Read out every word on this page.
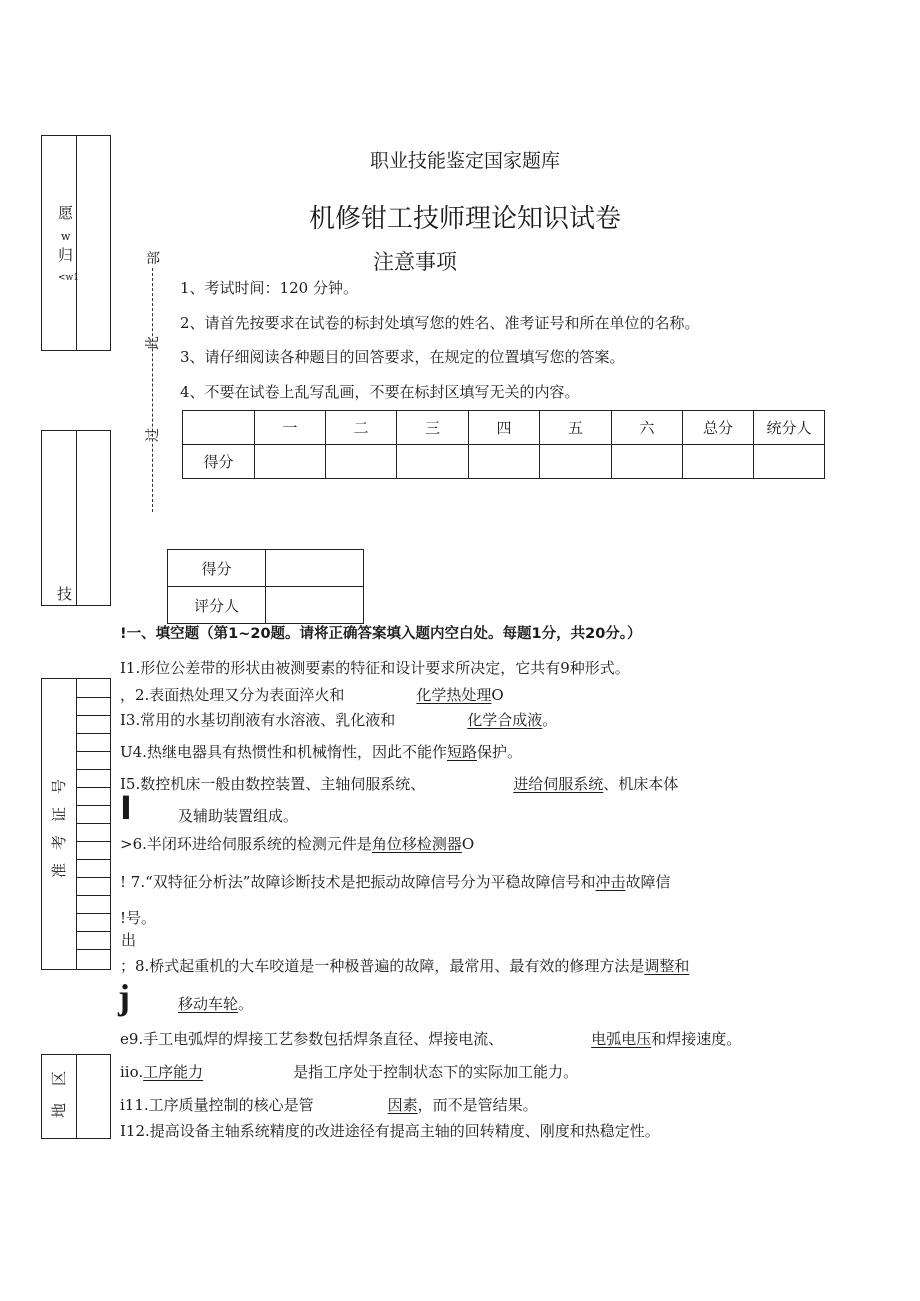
愿
w
归
<w1
技
号
证
考
准
区
地
部
此
过
职业技能鉴定国家题库
机修钳工技师理论知识试卷
注意事项
1、考试时间：120 分钟。
2、请首先按要求在试卷的标封处填写您的姓名、准考证号和所在单位的名称。
3、请仔细阅读各种题目的回答要求，在规定的位置填写您的答案。
4、不要在试卷上乱写乱画，不要在标封区填写无关的内容。
	一	二	三	四	五	六	总分	统分人
得分								
得分	
评分人	
!一、填空题（第1~20题。请将正确答案填入题内空白处。每题1分，共20分。）
I1.形位公差带的形状由被测要素的特征和设计要求所决定，它共有9种形式。
，2.表面热处理又分为表面淬火和	化学热处理O
I3.常用的水基切削液有水溶液、乳化液和	化学合成液。
U4.热继电器具有热惯性和机械惰性，因此不能作短路保护。
I5.数控机床一般由数控装置、主轴伺服系统、	进给伺服系统、机床本体
I	及辅助装置组成。
>6.半闭环进给伺服系统的检测元件是角位移检测器O
! 7.“双特征分析法”故障诊断技术是把振动故障信号分为平稳故障信号和冲击故障信
!号。
出
；8.桥式起重机的大车咬道是一种极普遍的故障，最常用、最有效的修理方法是调整和
j	移动车轮。
e9.手工电弧焊的焊接工艺参数包括焊条直径、焊接电流、	电弧电压和焊接速度。
iio.工序能力	是指工序处于控制状态下的实际加工能力。
i11.工序质量控制的核心是管	因素，而不是管结果。
I12.提高设备主轴系统精度的改进途径有提高主轴的回转精度、刚度和热稳定性。
